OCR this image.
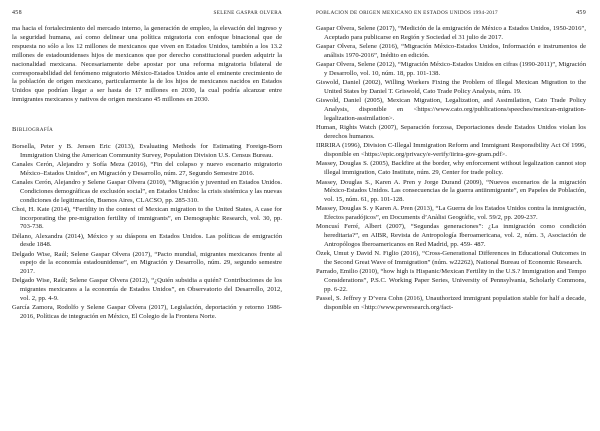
458	SELENE GASPAR OLVERA

ma hacia el fortalecimiento del mercado interno, la generación de empleo, la elevación del ingreso y la seguridad humana, así como delinear una política migratoria con enfoque binacional que de respuesta no sólo a los 12 millones de mexicanos que viven en Estados Unidos, también a los 13.2 millones de estadounidenses hijos de mexicanos que por derecho constitucional pueden adquirir la nacionalidad mexicana. Necesariamente debe apostar por una reforma migratoria bilateral de corresponsabilidad del fenómeno migratorio México-Estados Unidos ante el eminente crecimiento de la población de origen mexicano, particularmente la de los hijos de mexicanos nacidos en Estados Unidos que podrían llegar a ser hasta de 17 millones en 2030, la cual podría alcanzar entre inmigrantes mexicanos y nativos de origen mexicano 45 millones en 2030.

Bibliografía
Borsella, Peter y B. Jensen Eric (2013), Evaluating Methods for Estimating Foreign-Born Immigration Using the American Community Survey, Population Division U.S. Census Bureau.
Canales Cerón, Alejandro y Sofía Meza (2016), “Fin del colapso y nuevo escenario migratorio México–Estados Unidos”, en Migración y Desarrollo, núm. 27, Segundo Semestre 2016.
Canales Cerón, Alejandro y Selene Gaspar Olvera (2010), “Migración y juventud en Estados Unidos. Condiciones demográficas de exclusión social”, en Estados Unidos: la crisis sistémica y las nuevas condiciones de legitimación, Buenos Aires, CLACSO, pp. 285-310.
Choi, H. Kate (2014), “Fertility in the context of Mexican migration to the United States, A case for incorporating the pre-migration fertility of immigrants”, en Demographic Research, vol. 30, pp. 703-738.
Délano, Alexandra (2014), México y su diáspora en Estados Unidos. Las políticas de emigración desde 1848.
Delgado Wise, Raúl; Selene Gaspar Olvera (2017), “Pacto mundial, migrantes mexicanos frente al espejo de la economía estadounidense”, en Migración y Desarrollo, núm. 29, segundo semestre 2017.
Delgado Wise, Raúl; Selene Gaspar Olvera (2012), “¿Quién subsidia a quién? Contribuciones de los migrantes mexicanos a la economía de Estados Unidos”, en Observatorio del Desarrollo, 2012, vol. 2, pp. 4-9.
García Zamora, Rodolfo y Selene Gaspar Olvera (2017), Legislación, deportación y retorno 1986-2016, Políticas de integración en México, El Colegio de la Frontera Norte.
POBLACIÓN DE ORIGEN MEXICANO EN ESTADOS UNIDOS 1994-2017	459
Gaspar Olvera, Selene (2017), “Medición de la emigración de México a Estados Unidos, 1950-2016”, Aceptado para publicarse en Región y Sociedad el 31 julio de 2017.
Gaspar Olvera, Selene (2016), “Migración México-Estados Unidos, Información e instrumentos de análisis 1970-2016”, Inédito en edición.
Gaspar Olvera, Selene (2012), “Migración México-Estados Unidos en cifras (1990-2011)”, Migración y Desarrollo, vol. 10, núm. 18, pp. 101-138.
Giswold, Daniel (2002), Willing Workers Fixing the Problem of Illegal Mexican Migration to the United States by Daniel T. Griswold, Cato Trade Policy Analysis, núm. 19.
Giswold, Daniel (2005), Mexican Migration, Legalization, and Assimilation, Cato Trade Policy Analysis, disponible en <https://www.cato.org/publications/speeches/mexican-migration-legalization-assimilation>.
Human, Rights Watch (2007), Separación forzosa, Deportaciones desde Estados Unidos violan los derechos humanos.
IIRRIRA (1996), Division C-Illegal Immigration Reform and Immigrant Responsibility Act Of 1996, disponible en <https://epic.org/privacy/e-verify/iirira-gov-gram.pdf>.
Massey, Douglas S. (2005), Backfire at the border, why enforcement without legalization cannot stop illegal immigration, Cato Institute, núm. 29, Center for trade policy.
Massey, Douglas S., Karen A. Pren y Jorge Durand (2009), “Nuevos escenarios de la migración México-Estados Unidos. Las consecuencias de la guerra antiinmigrante”, en Papeles de Población, vol. 15, núm. 61, pp. 101-128.
Massey, Douglas S. y Karen A. Pren (2013), “La Guerra de los Estados Unidos contra la inmigración, Efectos paradójicos”, en Documents d’Anàlisi Geogràfic, vol. 59/2, pp. 209-237.
Moncusí Ferré, Albert (2007), “Segundas generaciones”: ¿La inmigración como condición hereditaria?”, en AIBR, Revista de Antropología Iberoamericana, vol. 2, núm. 3, Asociación de Antropólogos Iberoamericanos en Red Madrid, pp. 459- 487.
Özek, Umut y David N. Figlio (2016), “Cross-Generational Differences in Educational Outcomes in the Second Great Wave of Immigration” (núm. w22262), National Bureau of Economic Research.
Parrado, Emilio (2010), “how high is Hispanic/Mexican Fertility in the U.S.? Immigration and Tempo Considerations”, P.S.C. Working Paper Series, University of Pennsylvania, Scholarly Commons, pp. 6-22.
Passel, S. Jeffrey y D’vera Cohn (2016), Unauthorized immigrant population stable for half a decade, disponible en <http://www.pewresearch.org/fact-
